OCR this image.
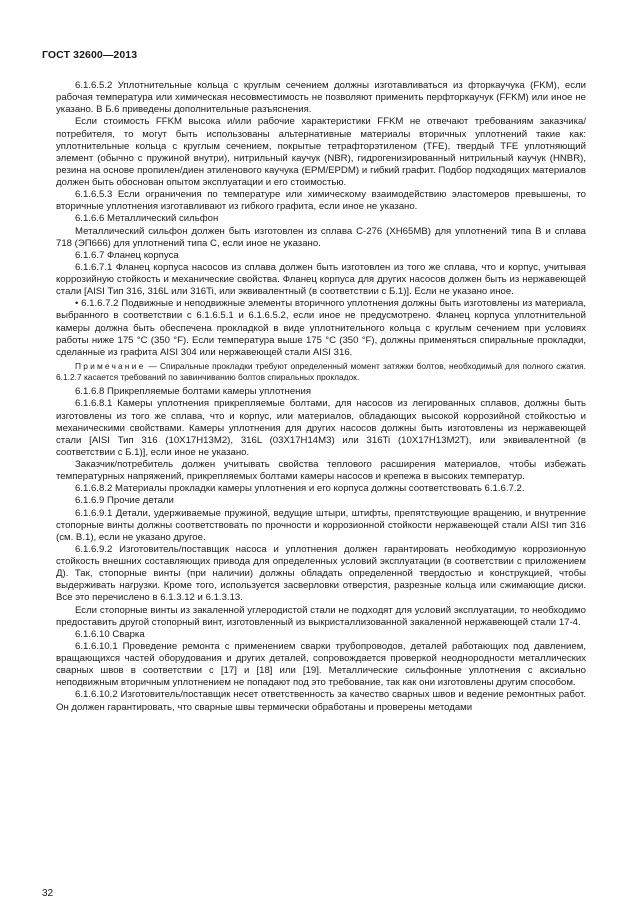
ГОСТ 32600—2013

6.1.6.5.2 Уплотнительные кольца с круглым сечением должны изготавливаться из фторкаучука (FKM), если рабочая температура или химическая несовместимость не позволяют применить перфторкаучук (FFKM) или иное не указано. В Б.6 приведены дополнительные разъяснения.

Если стоимость FFKM высока и/или рабочие характеристики FFKM не отвечают требованиям заказчика/потребителя, то могут быть использованы альтернативные материалы вторичных уплотнений такие как: уплотнительные кольца с круглым сечением, покрытые тетрафторэтиленом (TFE), твердый TFE уплотняющий элемент (обычно с пружиной внутри), нитрильный каучук (NBR), гидрогенизированный нитрильный каучук (HNBR), резина на основе пропилен/диен этиленового каучука (EPM/EPDM) и гибкий графит. Подбор подходящих материалов должен быть обоснован опытом эксплуатации и его стоимостью.

6.1.6.5.3 Если ограничения по температуре или химическому взаимодействию эластомеров превышены, то вторичные уплотнения изготавливают из гибкого графита, если иное не указано.

6.1.6.6 Металлический сильфон

Металлический сильфон должен быть изготовлен из сплава С-276 (ХН65МВ) для уплотнений типа В и сплава 718 (ЭП666) для уплотнений типа С, если иное не указано.

6.1.6.7 Фланец корпуса

6.1.6.7.1 Фланец корпуса насосов из сплава должен быть изготовлен из того же сплава, что и корпус, учитывая коррозийную стойкость и механические свойства. Фланец корпуса для других насосов должен быть из нержавеющей стали [AISI Тип 316, 316L или 316Ti, или эквивалентный (в соответствии с Б.1)]. Если не указано иное.

• 6.1.6.7.2 Подвижные и неподвижные элементы вторичного уплотнения должны быть изготовлены из материала, выбранного в соответствии с 6.1.6.5.1 и 6.1.6.5.2, если иное не предусмотрено. Фланец корпуса уплотнительной камеры должна быть обеспечена прокладкой в виде уплотнительного кольца с круглым сечением при условиях работы ниже 175 °С (350 °F). Если температура выше 175 °С (350 °F), должны применяться спиральные прокладки, сделанные из графита AISI 304 или нержавеющей стали AISI 316.

Примечание — Спиральные прокладки требуют определенный момент затяжки болтов, необходимый для полного сжатия. 6.1.2.7 касается требований по завинчиванию болтов спиральных прокладок.

6.1.6.8 Прикрепляемые болтами камеры уплотнения

6.1.6.8.1 Камеры уплотнения прикрепляемые болтами, для насосов из легированных сплавов, должны быть изготовлены из того же сплава, что и корпус, или материалов, обладающих высокой коррозийной стойкостью и механическими свойствами. Камеры уплотнения для других насосов должны быть изготовлены из нержавеющей стали [AISI Тип 316 (10Х17Н13М2), 316L (03Х17Н14М3) или 316Ti (10Х17Н13М2Т), или эквивалентной (в соответствии с Б.1)], если иное не указано.

Заказчик/потребитель должен учитывать свойства теплового расширения материалов, чтобы избежать температурных напряжений, прикрепляемых болтами камеры насосов и крепежа в высоких температур.

6.1.6.8.2 Материалы прокладки камеры уплотнения и его корпуса должны соответствовать 6.1.6.7.2.

6.1.6.9 Прочие детали

6.1.6.9.1 Детали, удерживаемые пружиной, ведущие штыри, штифты, препятствующие вращению, и внутренние стопорные винты должны соответствовать по прочности и коррозионной стойкости нержавеющей стали AISI тип 316 (см. В.1), если не указано другое.

6.1.6.9.2 Изготовитель/поставщик насоса и уплотнения должен гарантировать необходимую коррозионную стойкость внешних составляющих привода для определенных условий эксплуатации (в соответствии с приложением Д). Так, стопорные винты (при наличии) должны обладать определенной твердостью и конструкцией, чтобы выдерживать нагрузки. Кроме того, используется засверловки отверстия, разрезные кольца или сжимающие диски. Все это перечислено в 6.1.3.12 и 6.1.3.13.

Если стопорные винты из закаленной углеродистой стали не подходят для условий эксплуатации, то необходимо предоставить другой стопорный винт, изготовленный из выкристаллизованной закаленной нержавеющей стали 17-4.

6.1.6.10 Сварка

6.1.6.10.1 Проведение ремонта с применением сварки трубопроводов, деталей работающих под давлением, вращающихся частей оборудования и других деталей, сопровождается проверкой неоднородности металлических сварных швов в соответствии с [17] и [18] или [19]. Металлические сильфонные уплотнения с аксиально неподвижным вторичным уплотнением не попадают под это требование, так как они изготовлены другим способом.

6.1.6.10.2 Изготовитель/поставщик несет ответственность за качество сварных швов и ведение ремонтных работ. Он должен гарантировать, что сварные швы термически обработаны и проверены методами

32
